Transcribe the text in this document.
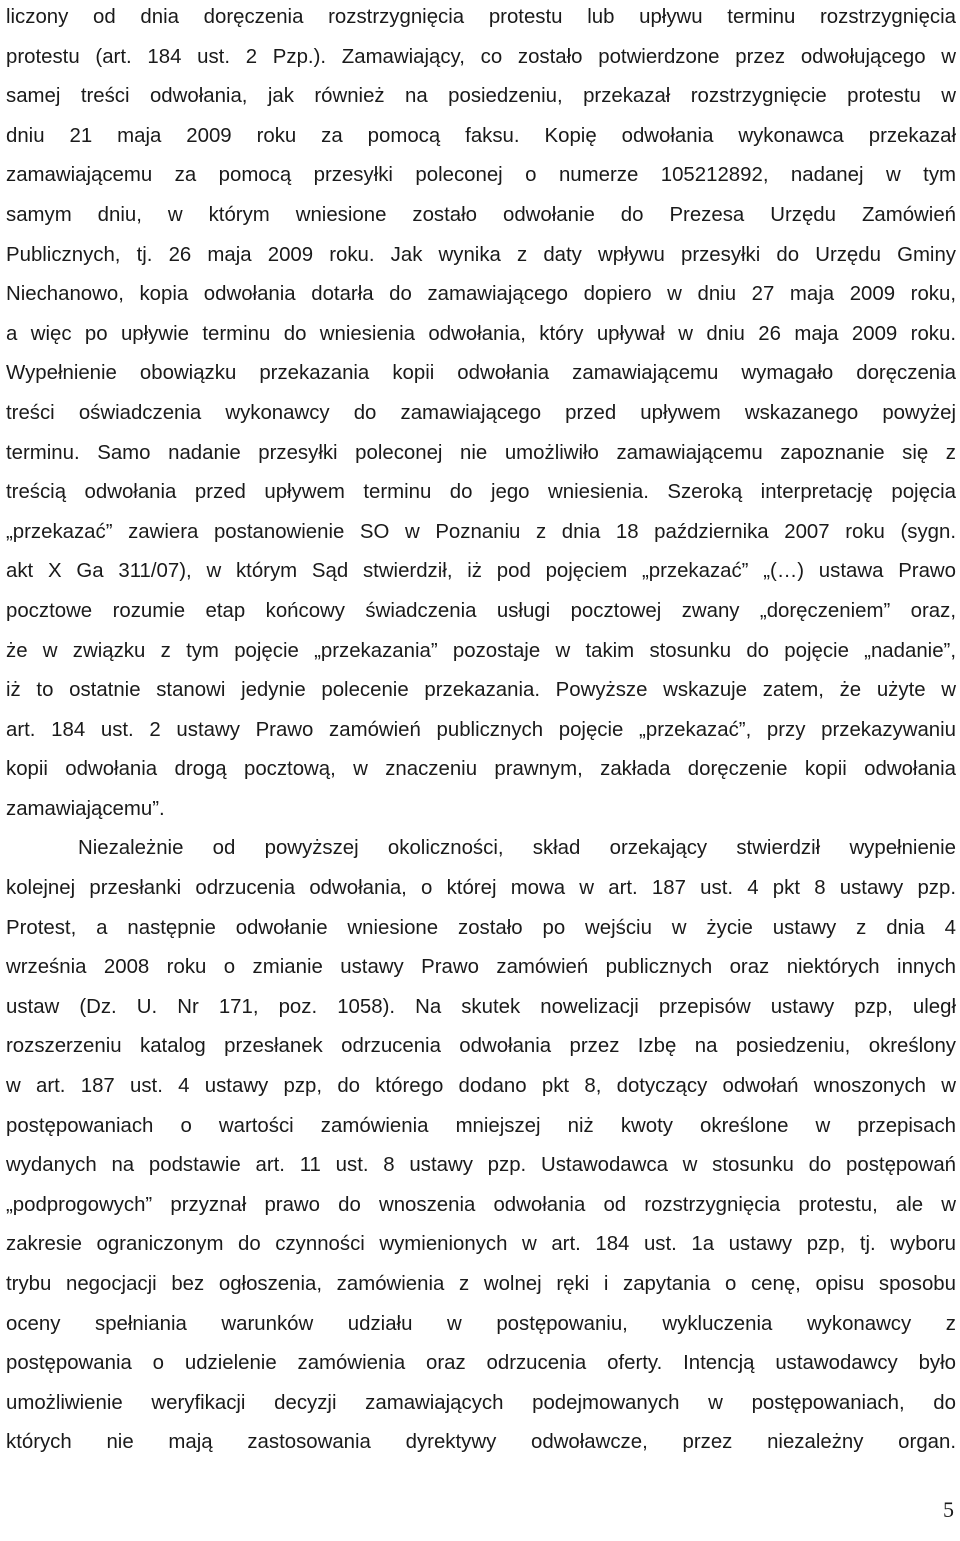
liczony od dnia doręczenia rozstrzygnięcia protestu lub upływu terminu rozstrzygnięcia
protestu (art. 184 ust. 2 Pzp.). Zamawiający, co zostało potwierdzone przez odwołującego w
samej treści odwołania, jak również na posiedzeniu, przekazał rozstrzygnięcie protestu w
dniu 21 maja 2009 roku za pomocą faksu. Kopię odwołania wykonawca przekazał
zamawiającemu za pomocą przesyłki poleconej o numerze 105212892, nadanej w tym
samym dniu, w którym wniesione zostało odwołanie do Prezesa Urzędu Zamówień
Publicznych, tj. 26 maja 2009 roku. Jak wynika z daty wpływu przesyłki do Urzędu Gminy
Niechanowo, kopia odwołania dotarła do zamawiającego dopiero w dniu 27 maja 2009 roku,
a więc po upływie terminu do wniesienia odwołania, który upływał w dniu 26 maja 2009 roku.
Wypełnienie obowiązku przekazania kopii odwołania zamawiającemu wymagało doręczenia
treści oświadczenia wykonawcy do zamawiającego przed upływem wskazanego powyżej
terminu. Samo nadanie przesyłki poleconej nie umożliwiło zamawiającemu zapoznanie się z
treścią odwołania przed upływem terminu do jego wniesienia. Szeroką interpretację pojęcia
„przekazać” zawiera postanowienie SO w Poznaniu z dnia 18 października 2007 roku (sygn.
akt X Ga 311/07), w którym Sąd stwierdził, iż pod pojęciem „przekazać” „(…) ustawa Prawo
pocztowe rozumie etap końcowy świadczenia usługi pocztowej zwany „doręczeniem” oraz,
że w związku z tym pojęcie „przekazania” pozostaje w takim stosunku do pojęcie „nadanie”,
iż to ostatnie stanowi jedynie polecenie przekazania. Powyższe wskazuje zatem, że użyte w
art. 184 ust. 2 ustawy Prawo zamówień publicznych pojęcie „przekazać”, przy przekazywaniu
kopii odwołania drogą pocztową, w znaczeniu prawnym, zakłada doręczenie kopii odwołania
zamawiającemu”.
Niezależnie od powyższej okoliczności, skład orzekający stwierdził wypełnienie
kolejnej przesłanki odrzucenia odwołania, o której mowa w art. 187 ust. 4 pkt 8 ustawy pzp.
Protest, a następnie odwołanie wniesione zostało po wejściu w życie ustawy z dnia 4
września 2008 roku o zmianie ustawy Prawo zamówień publicznych oraz niektórych innych
ustaw (Dz. U. Nr 171, poz. 1058). Na skutek nowelizacji przepisów ustawy pzp, uległ
rozszerzeniu katalog przesłanek odrzucenia odwołania przez Izbę na posiedzeniu, określony
w art. 187 ust. 4 ustawy pzp, do którego dodano pkt 8, dotyczący odwołań wnoszonych w
postępowaniach o wartości zamówienia mniejszej niż kwoty określone w przepisach
wydanych na podstawie art. 11 ust. 8 ustawy pzp. Ustawodawca w stosunku do postępowań
„podprogowych” przyznał prawo do wnoszenia odwołania od rozstrzygnięcia protestu, ale w
zakresie ograniczonym do czynności wymienionych w art. 184 ust. 1a ustawy pzp, tj. wyboru
trybu negocjacji bez ogłoszenia, zamówienia z wolnej ręki i zapytania o cenę, opisu sposobu
oceny spełniania warunków udziału w postępowaniu, wykluczenia wykonawcy z
postępowania o udzielenie zamówienia oraz odrzucenia oferty. Intencją ustawodawcy było
umożliwienie weryfikacji decyzji zamawiających podejmowanych w postępowaniach, do
których nie mają zastosowania dyrektywy odwoławcze, przez niezależny organ.
5
